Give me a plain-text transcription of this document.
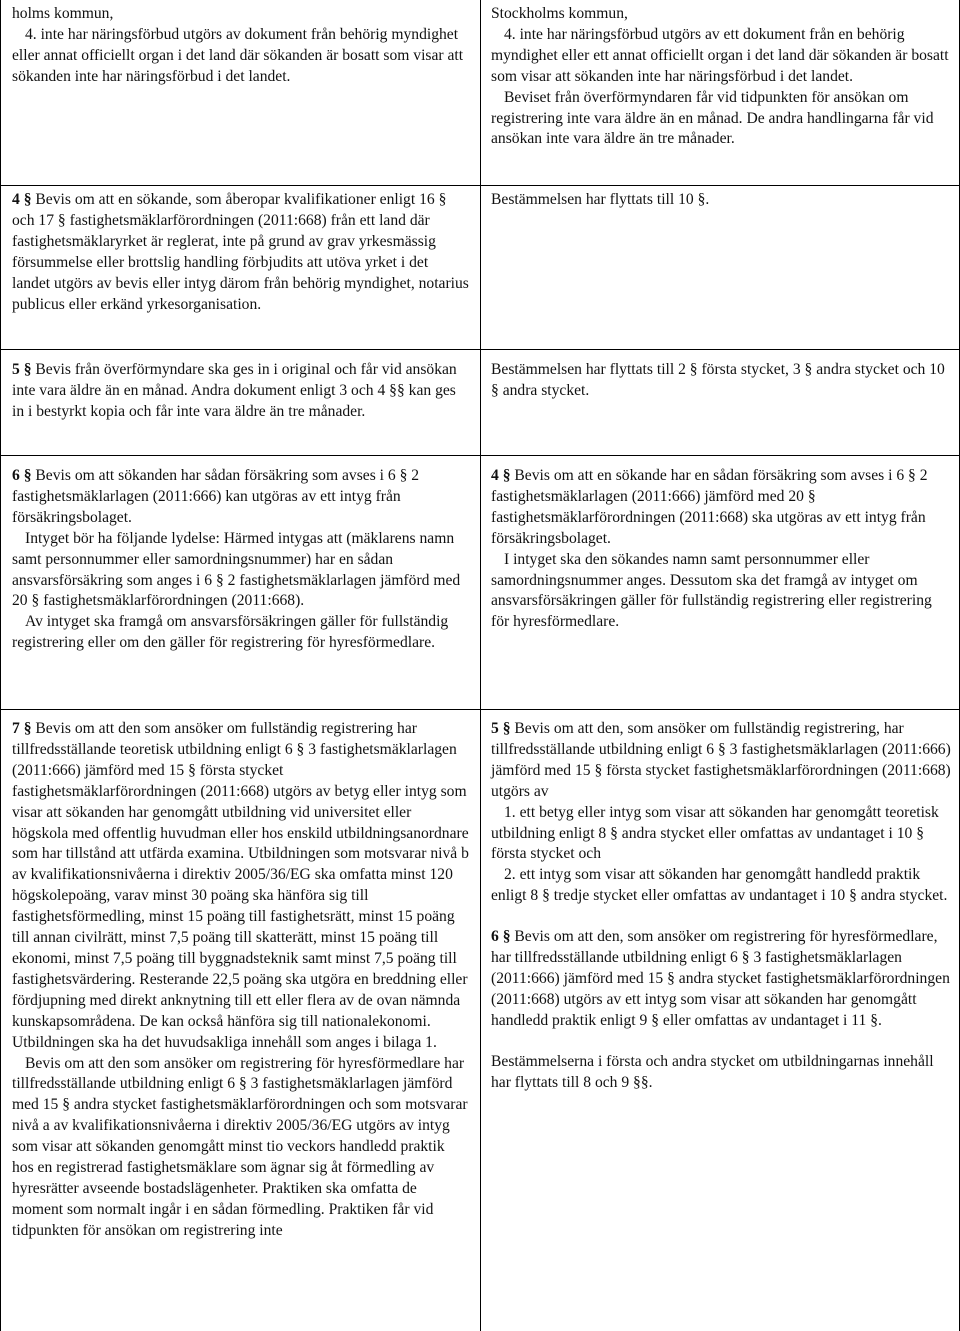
holms kommun,

4. inte har näringsförbud utgörs av dokument från behörig myndighet eller annat officiellt organ i det land där sökanden är bosatt som visar att sökanden inte har näringsförbud i det landet.

Stockholms kommun,

4. inte har näringsförbud utgörs av ett dokument från en behörig myndighet eller ett annat officiellt organ i det land där sökanden är bosatt som visar att sökanden inte har näringsförbud i det landet.

Beviset från överförmyndaren får vid tidpunkten för ansökan om registrering inte vara äldre än en månad. De andra handlingarna får vid ansökan inte vara äldre än tre månader.

4 § Bevis om att en sökande, som åberopar kvalifikationer enligt 16 § och 17 § fastighetsmäklarförordningen (2011:668) från ett land där fastighetsmäklaryrket är reglerat, inte på grund av grav yrkesmässig försummelse eller brottslig handling förbjudits att utöva yrket i det landet utgörs av bevis eller intyg därom från behörig myndighet, notarius publicus eller erkänd yrkesorganisation.

Bestämmelsen har flyttats till 10 §.

5 § Bevis från överförmyndare ska ges in i original och får vid ansökan inte vara äldre än en månad. Andra dokument enligt 3 och 4 §§ kan ges in i bestyrkt kopia och får inte vara äldre än tre månader.

Bestämmelsen har flyttats till 2 § första stycket, 3 § andra stycket och 10 § andra stycket.

6 § Bevis om att sökanden har sådan försäkring som avses i 6 § 2 fastighetsmäklarlagen (2011:666) kan utgöras av ett intyg från försäkringsbolaget.

Intyget bör ha följande lydelse: Härmed intygas att (mäklarens namn samt personnummer eller samordningsnummer) har en sådan ansvarsförsäkring som anges i 6 § 2 fastighetsmäklarlagen jämförd med 20 § fastighetsmäklarförordningen (2011:668).

Av intyget ska framgå om ansvarsförsäkringen gäller för fullständig registrering eller om den gäller för registrering för hyresförmedlare.

4 § Bevis om att en sökande har en sådan försäkring som avses i 6 § 2 fastighetsmäklarlagen (2011:666) jämförd med 20 § fastighetsmäklarförordningen (2011:668) ska utgöras av ett intyg från försäkringsbolaget.

I intyget ska den sökandes namn samt personnummer eller samordningsnummer anges. Dessutom ska det framgå av intyget om ansvarsförsäkringen gäller för fullständig registrering eller registrering för hyresförmedlare.

7 § Bevis om att den som ansöker om fullständig registrering har tillfredsställande teoretisk utbildning enligt 6 § 3 fastighetsmäklarlagen (2011:666) jämförd med 15 § första stycket fastighetsmäklarförordningen (2011:668) utgörs av betyg eller intyg som visar att sökanden har genomgått utbildning vid universitet eller högskola med offentlig huvudman eller hos enskild utbildningsanordnare som har tillstånd att utfärda examina. Utbildningen som motsvarar nivå b av kvalifikationsnivåerna i direktiv 2005/36/EG ska omfatta minst 120 högskolepoäng, varav minst 30 poäng ska hänföra sig till fastighetsförmedling, minst 15 poäng till fastighetsrätt, minst 15 poäng till annan civilrätt, minst 7,5 poäng till skatterätt, minst 15 poäng till ekonomi, minst 7,5 poäng till byggnadsteknik samt minst 7,5 poäng till fastighetsvärdering. Resterande 22,5 poäng ska utgöra en breddning eller fördjupning med direkt anknytning till ett eller flera av de ovan nämnda kunskapsområdena. De kan också hänföra sig till nationalekonomi. Utbildningen ska ha det huvudsakliga innehåll som anges i bilaga 1.

Bevis om att den som ansöker om registrering för hyresförmedlare har tillfredsställande utbildning enligt 6 § 3 fastighetsmäklarlagen jämförd med 15 § andra stycket fastighetsmäklarförordningen och som motsvarar nivå a av kvalifikationsnivåerna i direktiv 2005/36/EG utgörs av intyg som visar att sökanden genomgått minst tio veckors handledd praktik hos en registrerad fastighetsmäklare som ägnar sig åt förmedling av hyresrätter avseende bostadslägenheter. Praktiken ska omfatta de moment som normalt ingår i en sådan förmedling. Praktiken får vid tidpunkten för ansökan om registrering inte

5 § Bevis om att den, som ansöker om fullständig registrering, har tillfredsställande utbildning enligt 6 § 3 fastighetsmäklarlagen (2011:666) jämförd med 15 § första stycket fastighetsmäklarförordningen (2011:668) utgörs av

1. ett betyg eller intyg som visar att sökanden har genomgått teoretisk utbildning enligt 8 § andra stycket eller omfattas av undantaget i 10 § första stycket och

2. ett intyg som visar att sökanden har genomgått handledd praktik enligt 8 § tredje stycket eller omfattas av undantaget i 10 § andra stycket.

6 § Bevis om att den, som ansöker om registrering för hyresförmedlare, har tillfredsställande utbildning enligt 6 § 3 fastighetsmäklarlagen (2011:666) jämförd med 15 § andra stycket fastighetsmäklarförordningen (2011:668) utgörs av ett intyg som visar att sökanden har genomgått handledd praktik enligt 9 § eller omfattas av undantaget i 11 §.

Bestämmelserna i första och andra stycket om utbildningarnas innehåll har flyttats till 8 och 9 §§.
